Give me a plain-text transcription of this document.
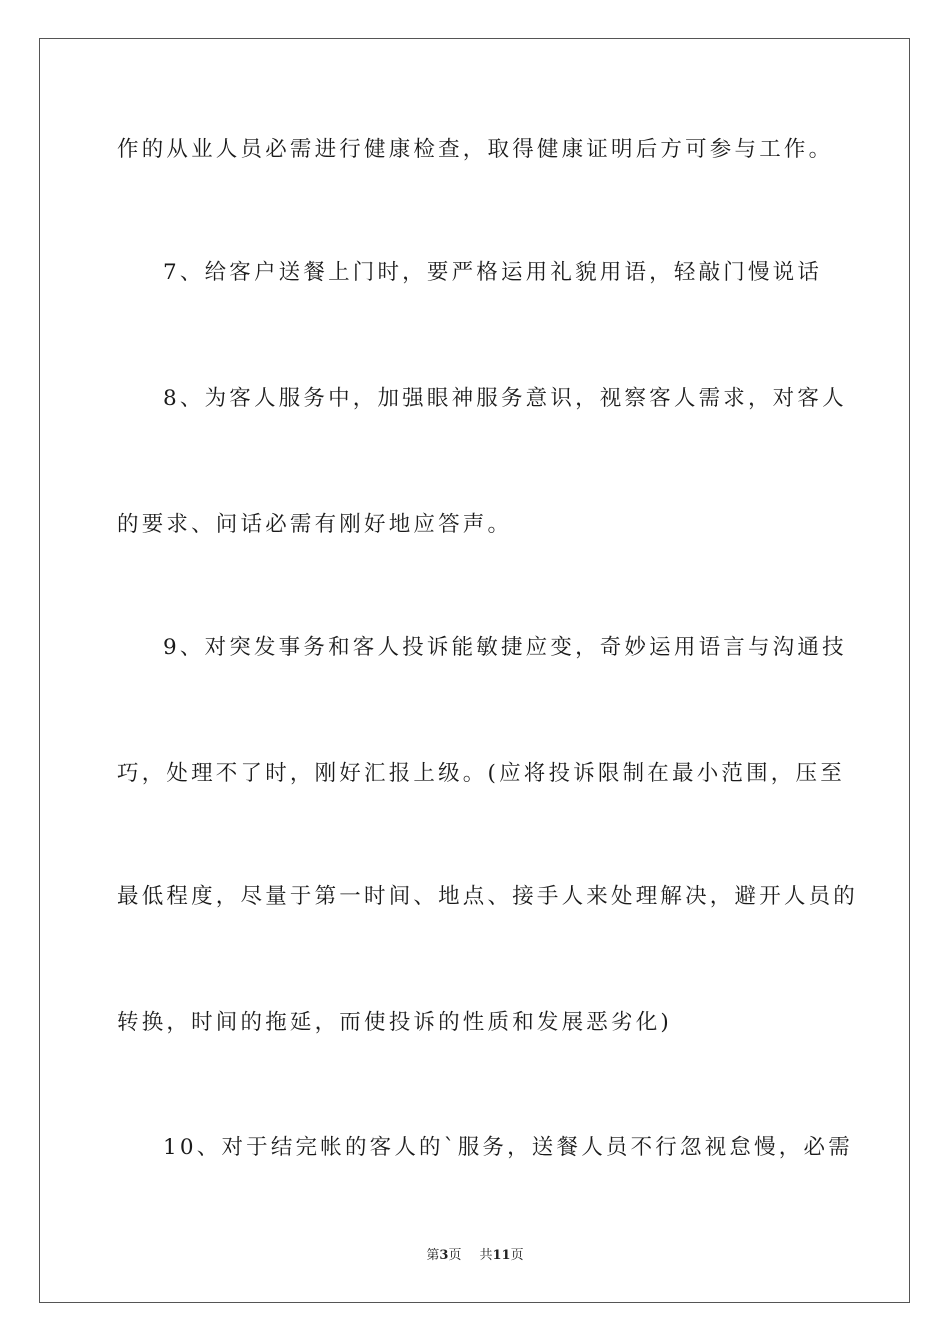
作的从业人员必需进行健康检查，取得健康证明后方可参与工作。
7、给客户送餐上门时，要严格运用礼貌用语，轻敲门慢说话
8、为客人服务中，加强眼神服务意识，视察客人需求，对客人
的要求、问话必需有刚好地应答声。
9、对突发事务和客人投诉能敏捷应变，奇妙运用语言与沟通技
巧，处理不了时，刚好汇报上级。(应将投诉限制在最小范围，压至
最低程度，尽量于第一时间、地点、接手人来处理解决，避开人员的
转换，时间的拖延，而使投诉的性质和发展恶劣化)
10、对于结完帐的客人的`服务，送餐人员不行忽视怠慢，必需
第3页 共11页
